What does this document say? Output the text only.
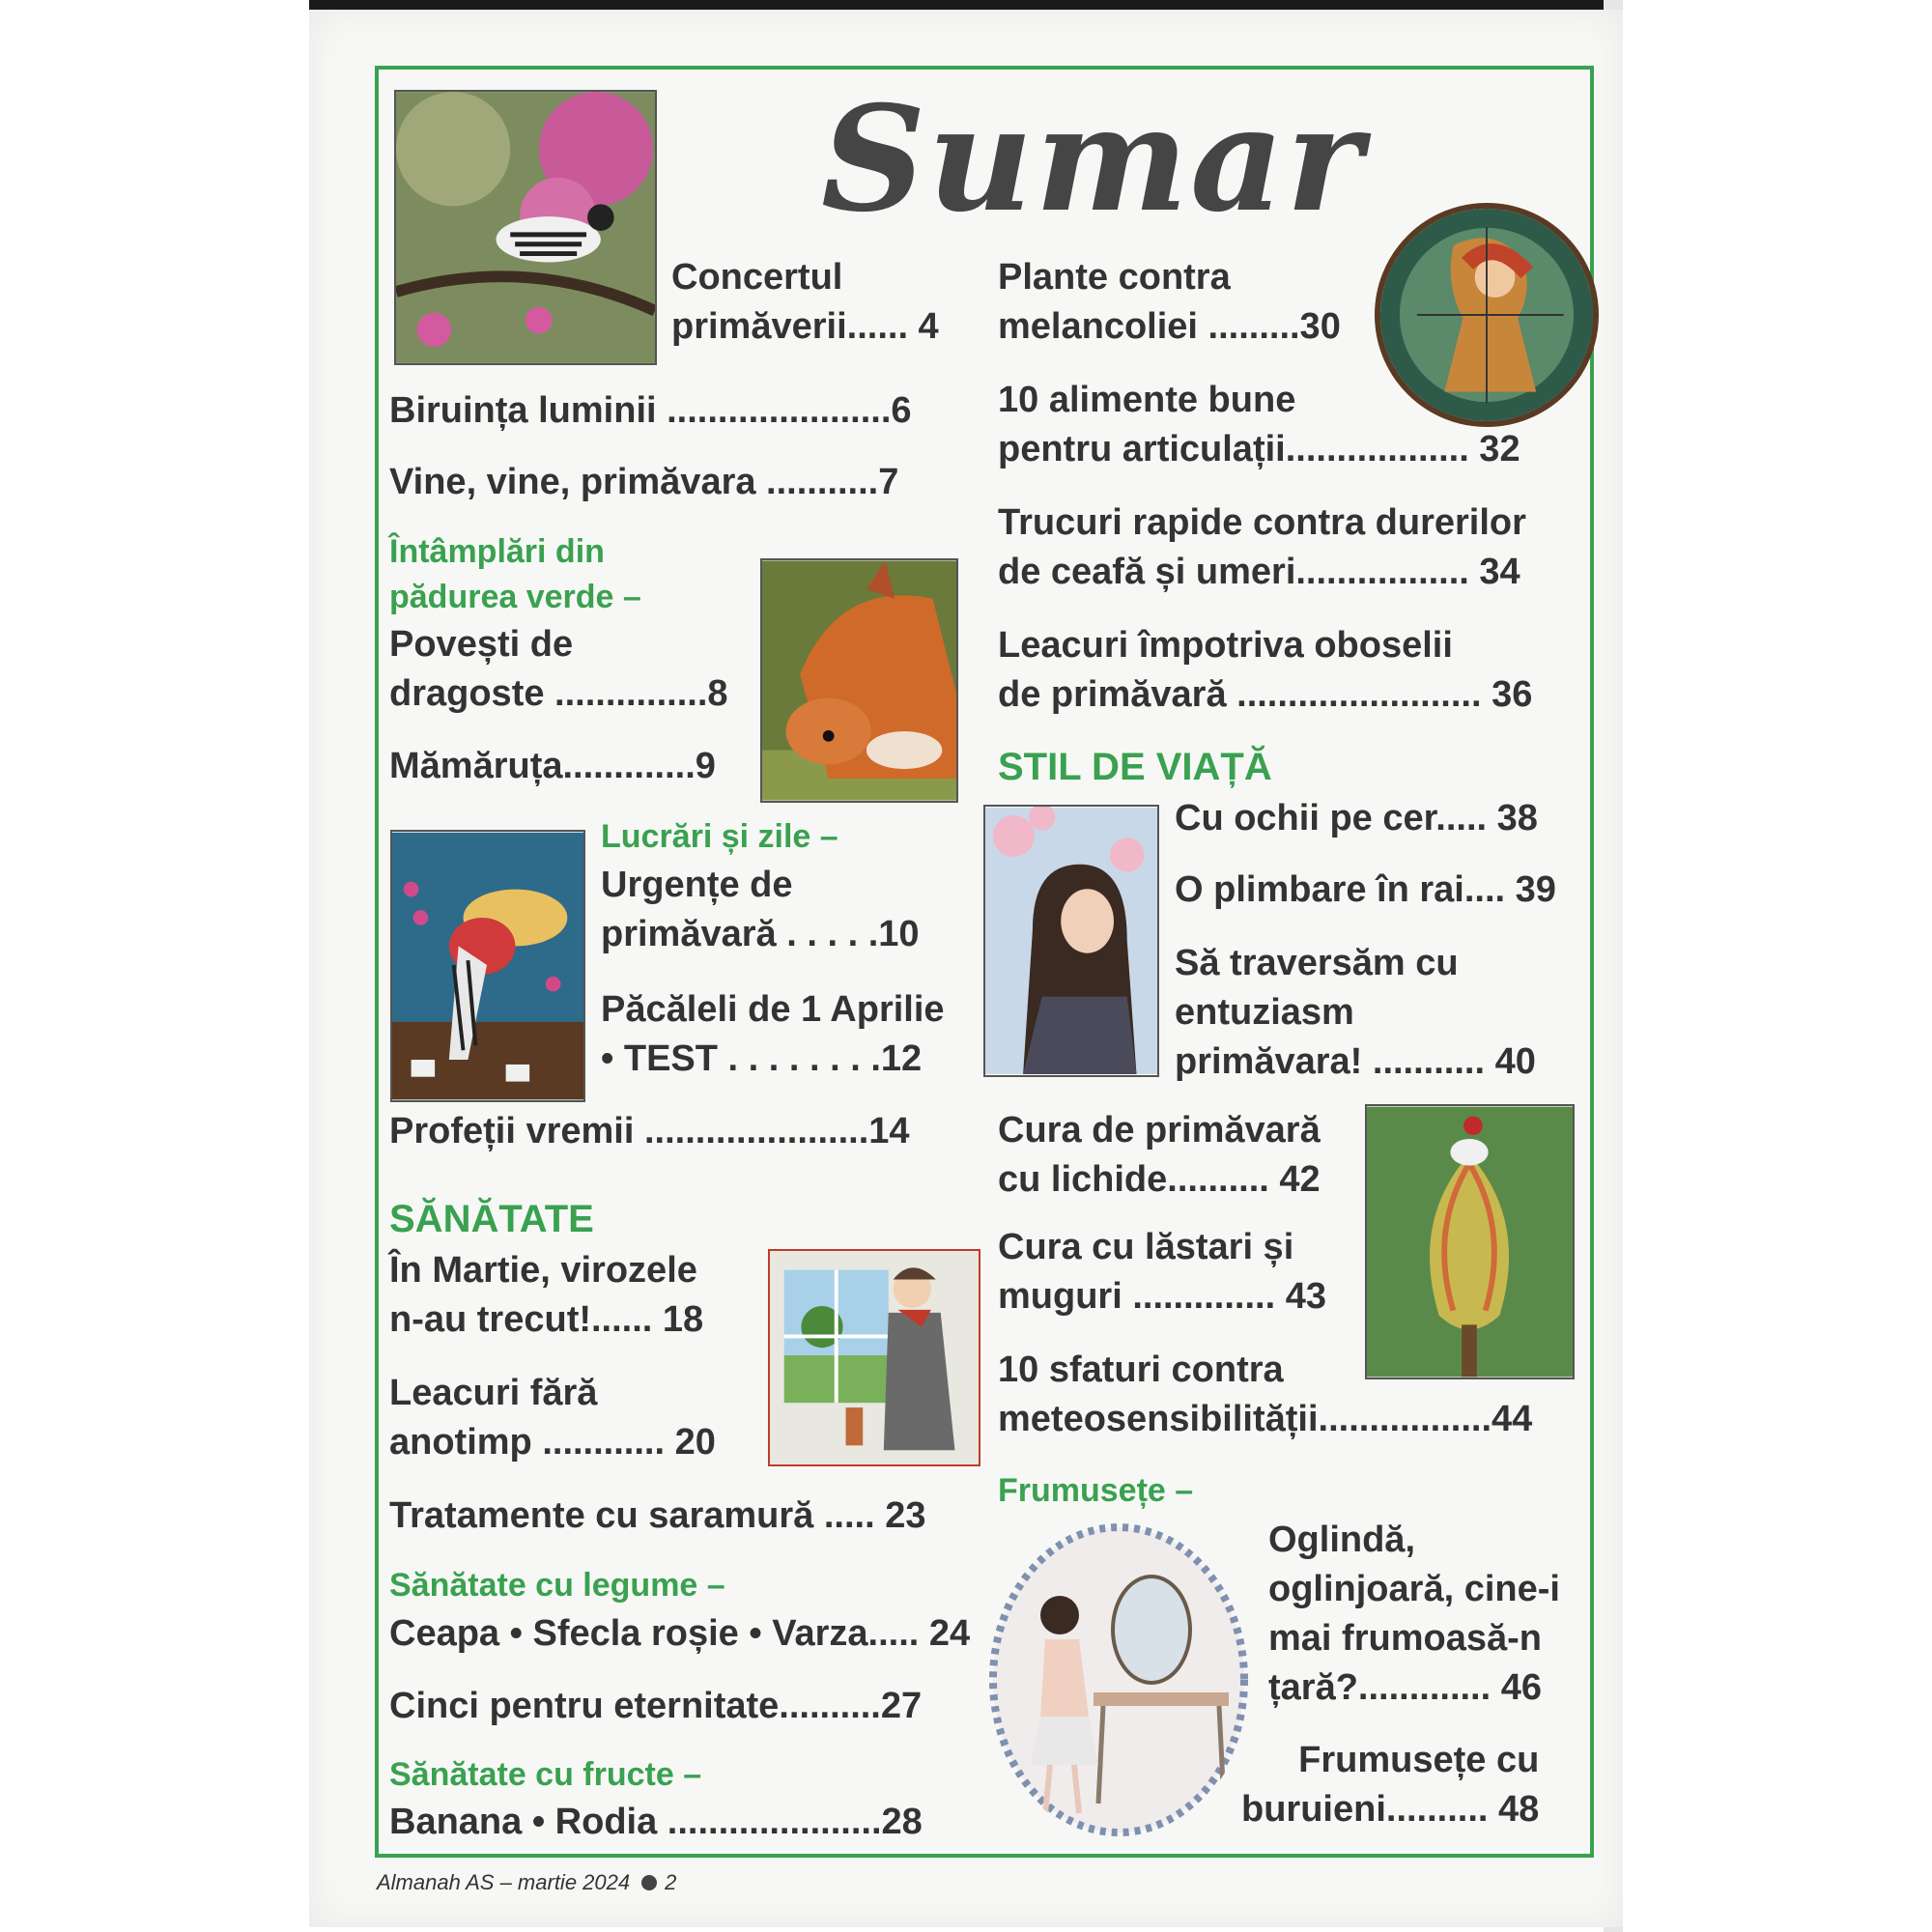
Sumar
Concertul
primăverii...... 4
Biruința luminii ......................6
Vine, vine, primăvara ...........7
Întâmplări din
pădurea verde –
Povești de
dragoste ...............8
Mămăruța.............9
Lucrări și zile –
Urgențe de
primăvară . . . . .10
Păcăleli de 1 Aprilie
• TEST . . . . . . . .12
Profeții vremii ......................14
SĂNĂTATE
În Martie, virozele
n-au trecut!...... 18
Leacuri fără
anotimp ............ 20
Tratamente cu saramură ..... 23
Sănătate cu legume –
Ceapa • Sfecla roșie • Varza..... 24
Cinci pentru eternitate..........27
Sănătate cu fructe –
Banana • Rodia .....................28
Plante contra
melancoliei .........30
10 alimente bune
pentru articulații.................. 32
Trucuri rapide contra durerilor
de ceafă și umeri................. 34
Leacuri împotriva oboselii
de primăvară ........................ 36
STIL DE VIAȚĂ
Cu ochii pe cer..... 38
O plimbare în rai.... 39
Să traversăm cu
entuziasm
primăvara! ........... 40
Cura de primăvară
cu lichide.......... 42
Cura cu lăstari și
muguri .............. 43
10 sfaturi contra
meteosensibilității.................44
Frumusețe –
Oglindă,
oglinjoară, cine-i
mai frumoasă-n
țară?............. 46
Frumusețe cu
buruieni.......... 48
Almanah AS – martie 2024 2
